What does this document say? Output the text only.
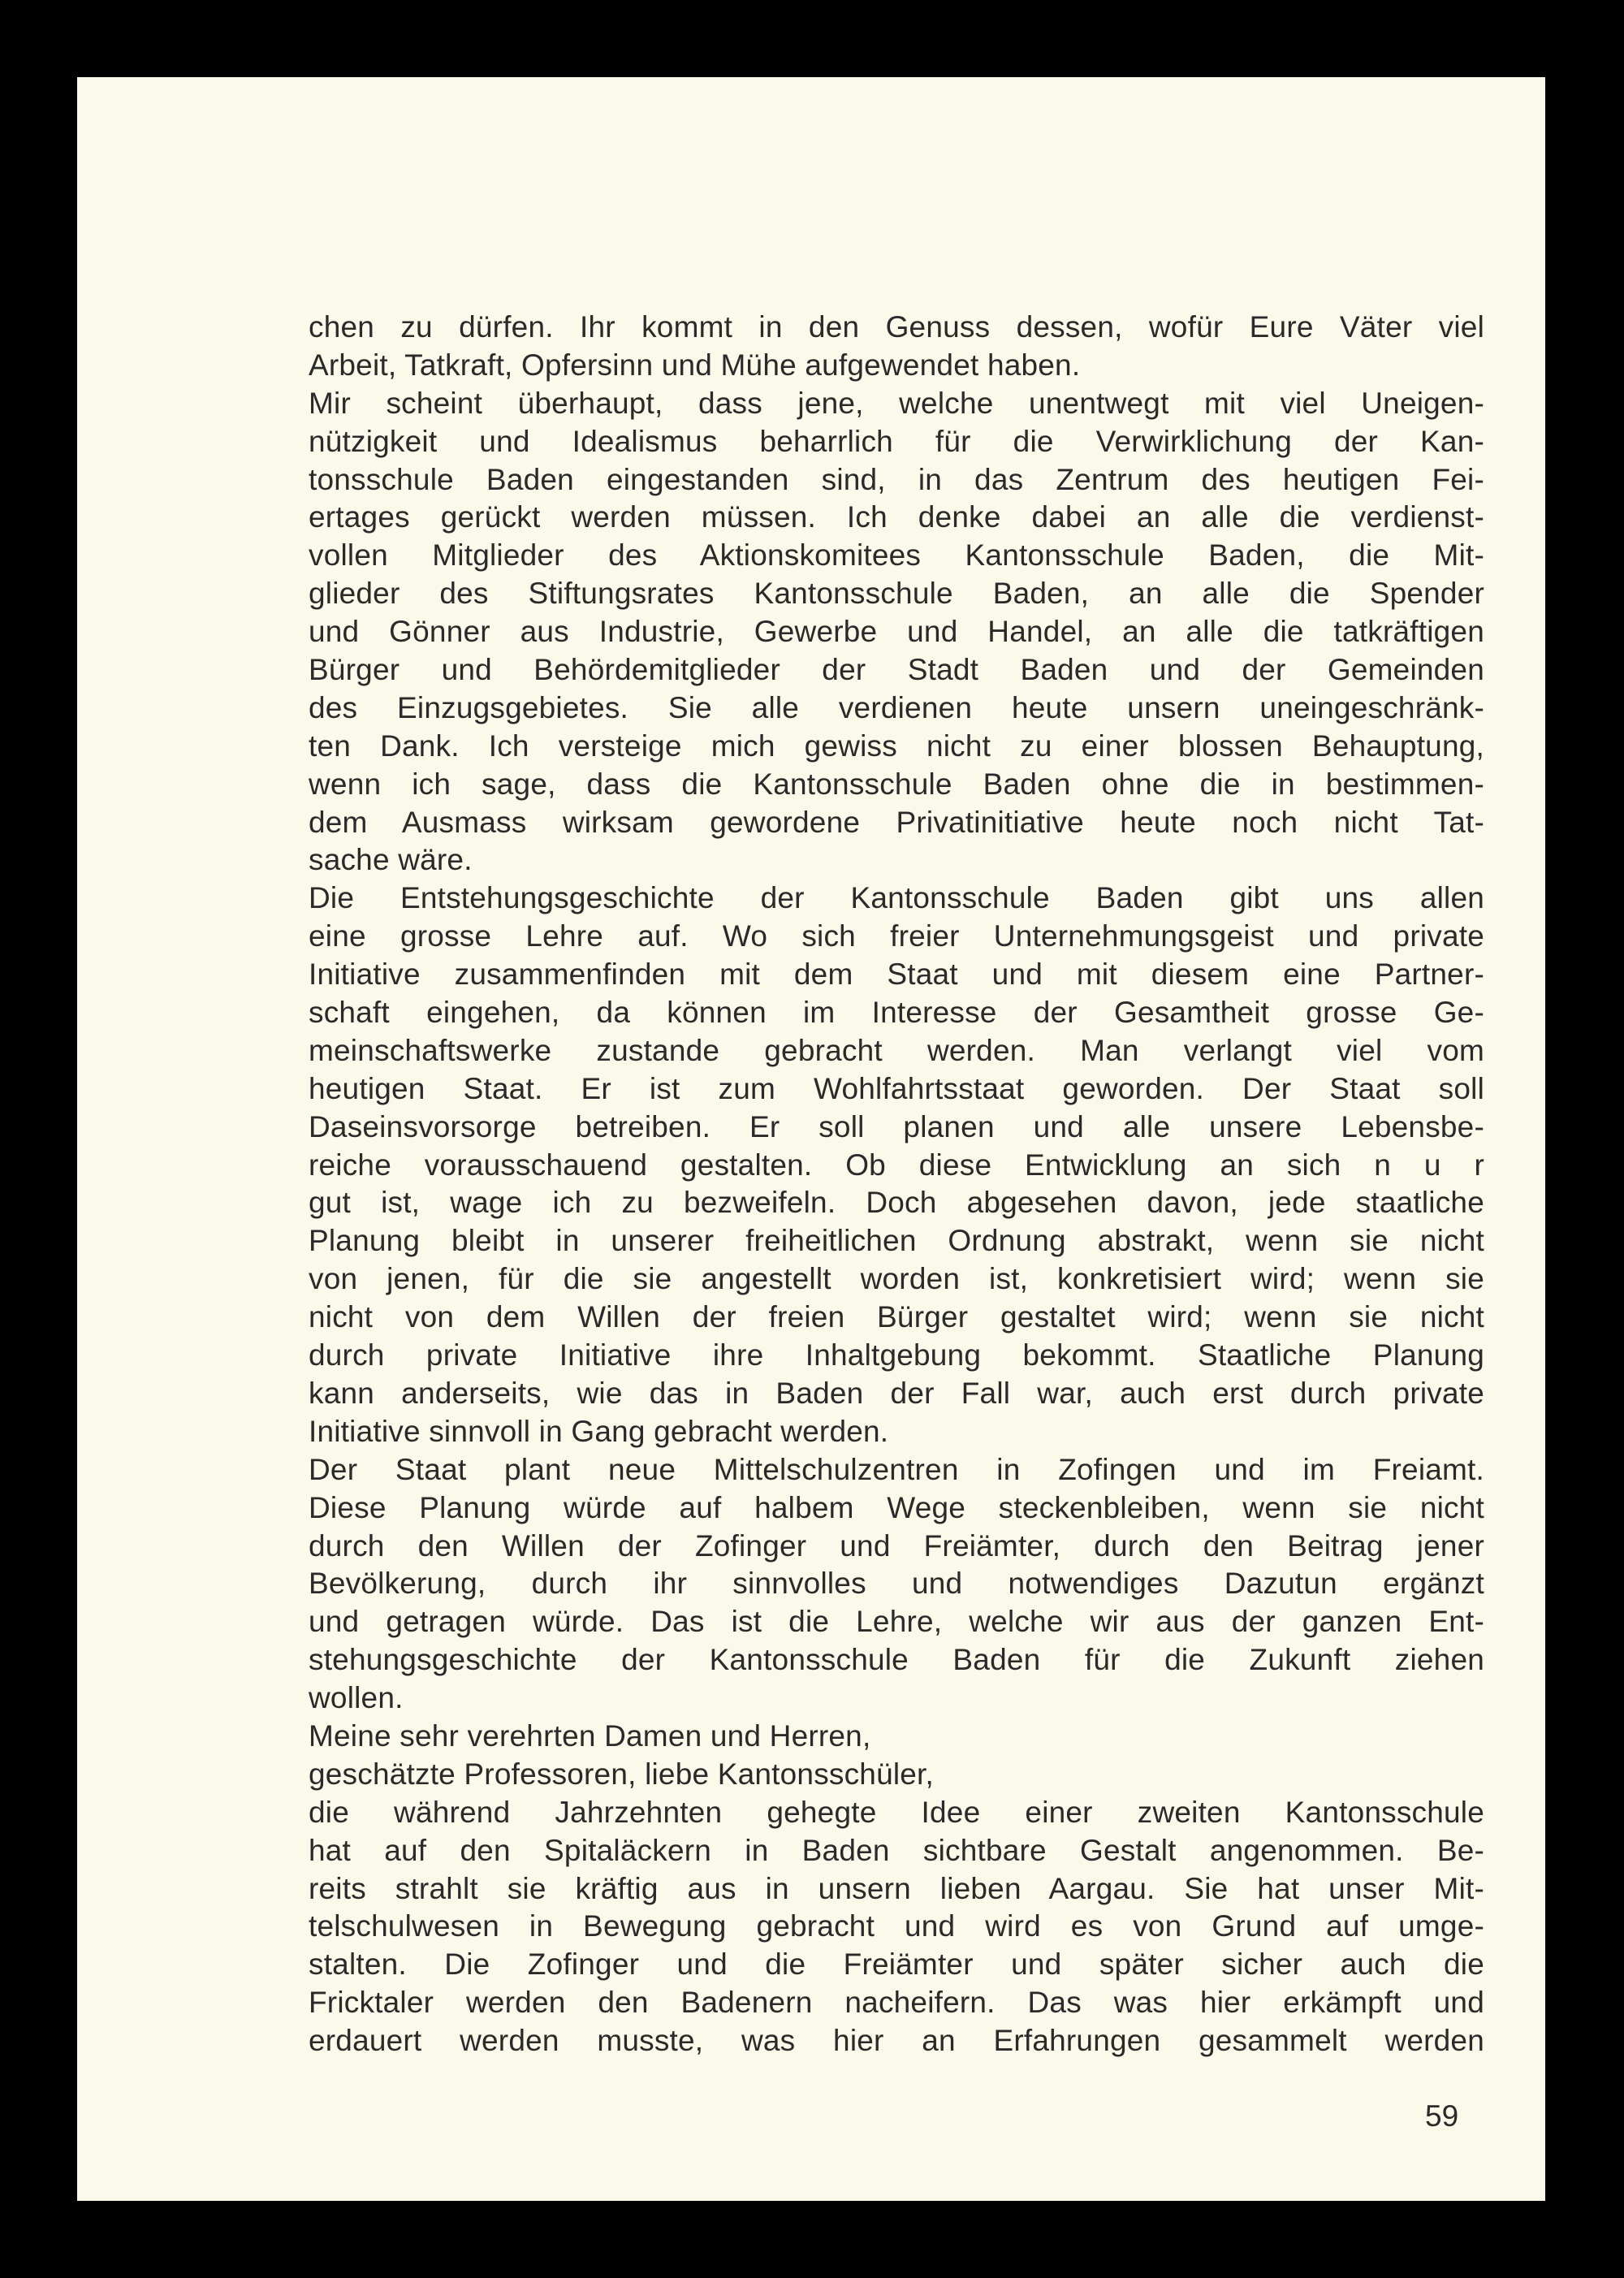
chen zu dürfen. Ihr kommt in den Genuss dessen, wofür Eure Väter viel
Arbeit, Tatkraft, Opfersinn und Mühe aufgewendet haben.
Mir scheint überhaupt, dass jene, welche unentwegt mit viel Uneigen-
nützigkeit und Idealismus beharrlich für die Verwirklichung der Kan-
tonsschule Baden eingestanden sind, in das Zentrum des heutigen Fei-
ertages gerückt werden müssen. Ich denke dabei an alle die verdienst-
vollen Mitglieder des Aktionskomitees Kantonsschule Baden, die Mit-
glieder des Stiftungsrates Kantonsschule Baden, an alle die Spender
und Gönner aus Industrie, Gewerbe und Handel, an alle die tatkräftigen
Bürger und Behördemitglieder der Stadt Baden und der Gemeinden
des Einzugsgebietes. Sie alle verdienen heute unsern uneingeschränk-
ten Dank. Ich versteige mich gewiss nicht zu einer blossen Behauptung,
wenn ich sage, dass die Kantonsschule Baden ohne die in bestimmen-
dem Ausmass wirksam gewordene Privatinitiative heute noch nicht Tat-
sache wäre.
Die Entstehungsgeschichte der Kantonsschule Baden gibt uns allen
eine grosse Lehre auf. Wo sich freier Unternehmungsgeist und private
Initiative zusammenfinden mit dem Staat und mit diesem eine Partner-
schaft eingehen, da können im Interesse der Gesamtheit grosse Ge-
meinschaftswerke zustande gebracht werden. Man verlangt viel vom
heutigen Staat. Er ist zum Wohlfahrtsstaat geworden. Der Staat soll
Daseinsvorsorge betreiben. Er soll planen und alle unsere Lebensbe-
reiche vorausschauend gestalten. Ob diese Entwicklung an sich n u r
gut ist, wage ich zu bezweifeln. Doch abgesehen davon, jede staatliche
Planung bleibt in unserer freiheitlichen Ordnung abstrakt, wenn sie nicht
von jenen, für die sie angestellt worden ist, konkretisiert wird; wenn sie
nicht von dem Willen der freien Bürger gestaltet wird; wenn sie nicht
durch private Initiative ihre Inhaltgebung bekommt. Staatliche Planung
kann anderseits, wie das in Baden der Fall war, auch erst durch private
Initiative sinnvoll in Gang gebracht werden.
Der Staat plant neue Mittelschulzentren in Zofingen und im Freiamt.
Diese Planung würde auf halbem Wege steckenbleiben, wenn sie nicht
durch den Willen der Zofinger und Freiämter, durch den Beitrag jener
Bevölkerung, durch ihr sinnvolles und notwendiges Dazutun ergänzt
und getragen würde. Das ist die Lehre, welche wir aus der ganzen Ent-
stehungsgeschichte der Kantonsschule Baden für die Zukunft ziehen
wollen.
Meine sehr verehrten Damen und Herren,
geschätzte Professoren, liebe Kantonsschüler,
die während Jahrzehnten gehegte Idee einer zweiten Kantonsschule
hat auf den Spitaläckern in Baden sichtbare Gestalt angenommen. Be-
reits strahlt sie kräftig aus in unsern lieben Aargau. Sie hat unser Mit-
telschulwesen in Bewegung gebracht und wird es von Grund auf umge-
stalten. Die Zofinger und die Freiämter und später sicher auch die
Fricktaler werden den Badenern nacheifern. Das was hier erkämpft und
erdauert werden musste, was hier an Erfahrungen gesammelt werden
59
